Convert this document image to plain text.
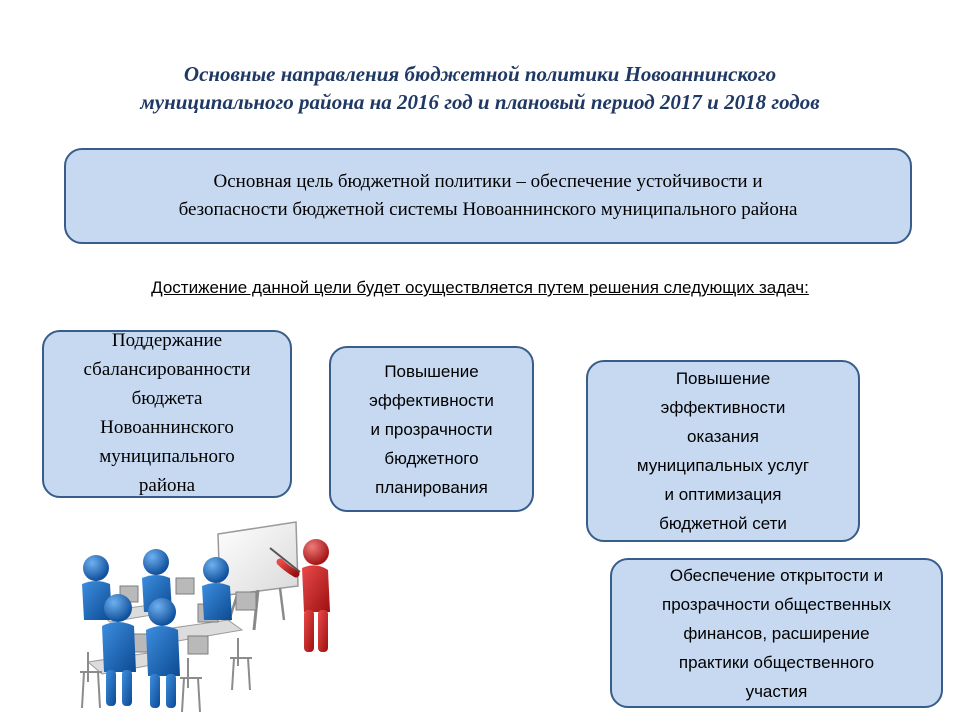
Основные направления бюджетной политики Новоаннинского
муниципального района на 2016 год и плановый период 2017 и 2018 годов
Основная цель бюджетной политики – обеспечение устойчивости и
безопасности бюджетной системы Новоаннинского муниципального района
Достижение данной цели будет осуществляется путем решения следующих задач:
Поддержание
сбалансированности
бюджета
Новоаннинского
муниципального
района
Повышение
эффективности
и прозрачности
бюджетного
планирования
Повышение
эффективности
оказания
муниципальных услуг
и оптимизация
бюджетной сети
Обеспечение открытости и
прозрачности общественных
финансов, расширение
практики общественного
участия
